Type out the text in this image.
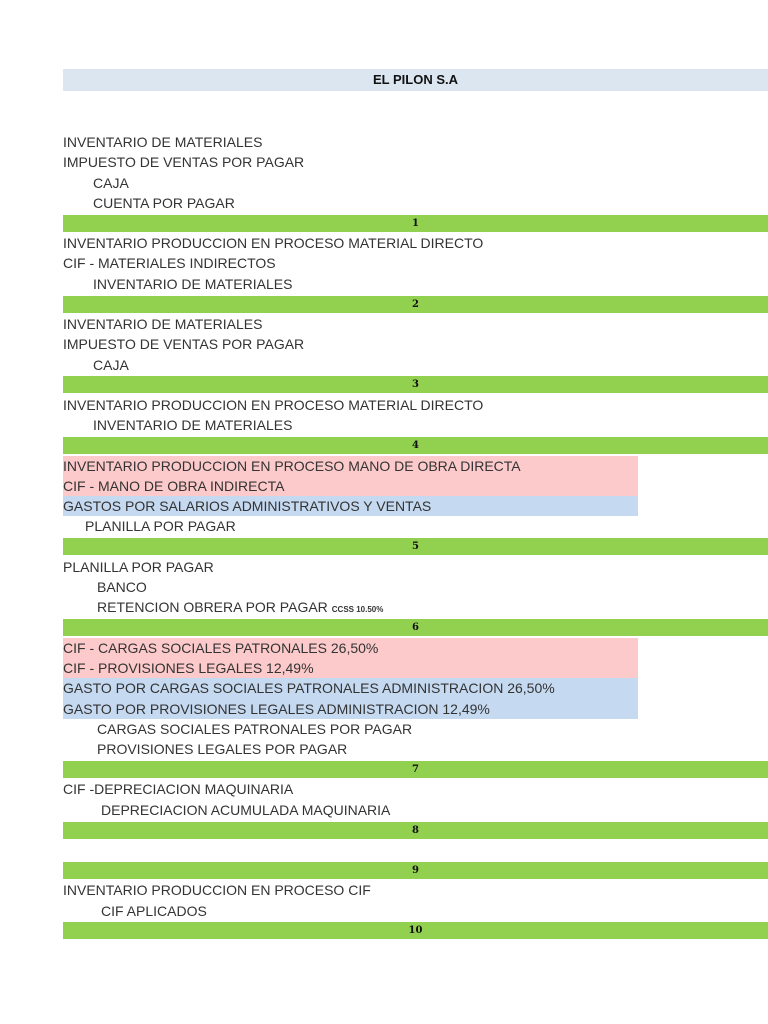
EL PILON S.A
INVENTARIO DE MATERIALES
IMPUESTO DE VENTAS POR PAGAR
CAJA
CUENTA POR PAGAR
1
INVENTARIO PRODUCCION EN PROCESO MATERIAL DIRECTO
CIF - MATERIALES INDIRECTOS
INVENTARIO DE MATERIALES
2
INVENTARIO DE MATERIALES
IMPUESTO DE VENTAS POR PAGAR
CAJA
3
INVENTARIO PRODUCCION EN PROCESO MATERIAL DIRECTO
INVENTARIO DE MATERIALES
4
INVENTARIO PRODUCCION EN PROCESO MANO DE OBRA DIRECTA
CIF - MANO DE OBRA INDIRECTA
GASTOS POR SALARIOS ADMINISTRATIVOS Y VENTAS
PLANILLA POR PAGAR
5
PLANILLA POR PAGAR
BANCO
RETENCION OBRERA POR PAGAR CCSS 10.50%
6
CIF - CARGAS SOCIALES PATRONALES 26,50%
CIF - PROVISIONES LEGALES 12,49%
GASTO POR CARGAS SOCIALES PATRONALES ADMINISTRACION 26,50%
GASTO POR PROVISIONES LEGALES ADMINISTRACION 12,49%
CARGAS SOCIALES PATRONALES POR PAGAR
PROVISIONES LEGALES POR PAGAR
7
CIF -DEPRECIACION MAQUINARIA
DEPRECIACION ACUMULADA MAQUINARIA
8
9
INVENTARIO PRODUCCION EN PROCESO CIF
CIF APLICADOS
10
